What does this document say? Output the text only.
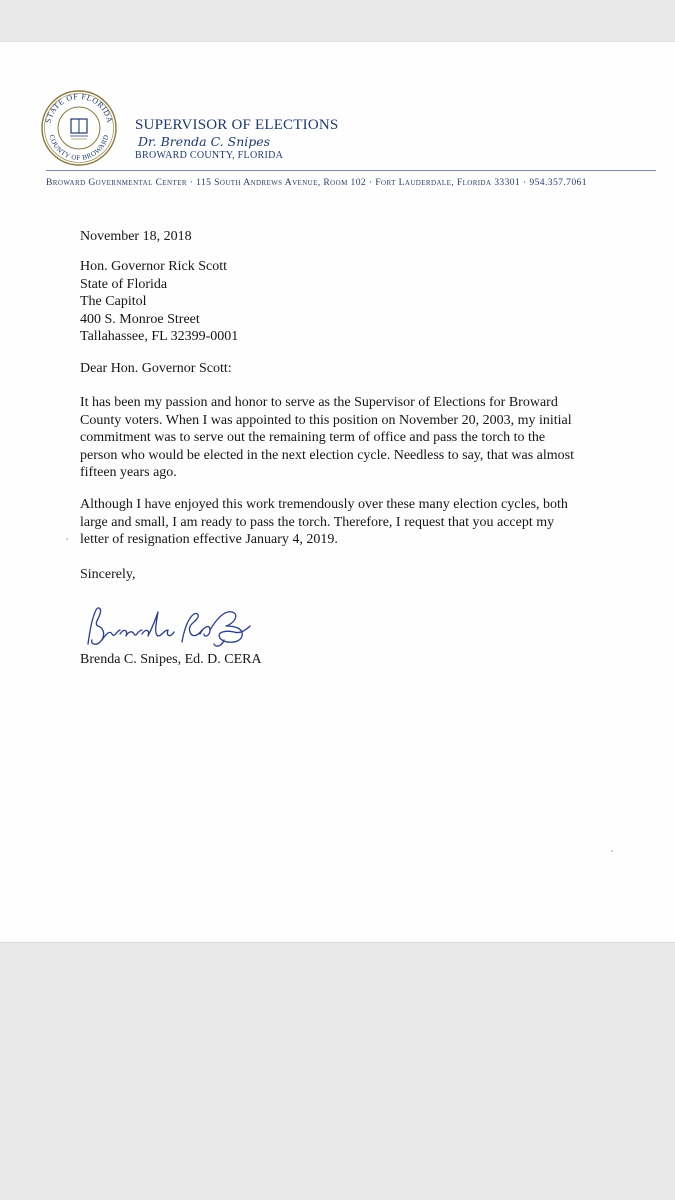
STATE OF FLORIDA
COUNTY OF BROWARD
SUPERVISOR OF ELECTIONS
Dr. Brenda C. Snipes
BROWARD COUNTY, FLORIDA
Broward Governmental Center · 115 South Andrews Avenue, Room 102 · Fort Lauderdale, Florida 33301 · 954.357.7061
November 18, 2018
Hon. Governor Rick Scott
State of Florida
The Capitol
400 S. Monroe Street
Tallahassee, FL 32399-0001
Dear Hon. Governor Scott:
It has been my passion and honor to serve as the Supervisor of Elections for Broward
County voters. When I was appointed to this position on November 20, 2003, my initial
commitment was to serve out the remaining term of office and pass the torch to the
person who would be elected in the next election cycle. Needless to say, that was almost
fifteen years ago.
Although I have enjoyed this work tremendously over these many election cycles, both
large and small, I am ready to pass the torch. Therefore, I request that you accept my
letter of resignation effective January 4, 2019.
Sincerely,
Brenda C. Snipes, Ed. D. CERA
